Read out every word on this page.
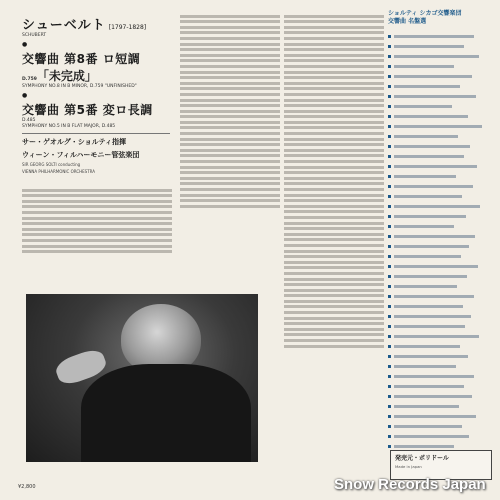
シューベルト [1797-1828]
SCHUBERT
●
交響曲 第8番 ロ短調
D.759「未完成」
SYMPHONY NO.8 IN B MINOR, D.759 "UNFINISHED"
●
交響曲 第5番 変ロ長調
D.485
SYMPHONY NO.5 IN B FLAT MAJOR, D.485
サー・ゲオルグ・ショルティ指揮
ウィーン・フィルハーモニー管弦楽団
SIR GEORG SOLTI conducting
VIENNA PHILHARMONIC ORCHESTRA
ショルティ シカゴ交響楽団
交響曲 名盤選
発売元・ポリドール
Made in Japan
¥2,800	Snow Records Japan
